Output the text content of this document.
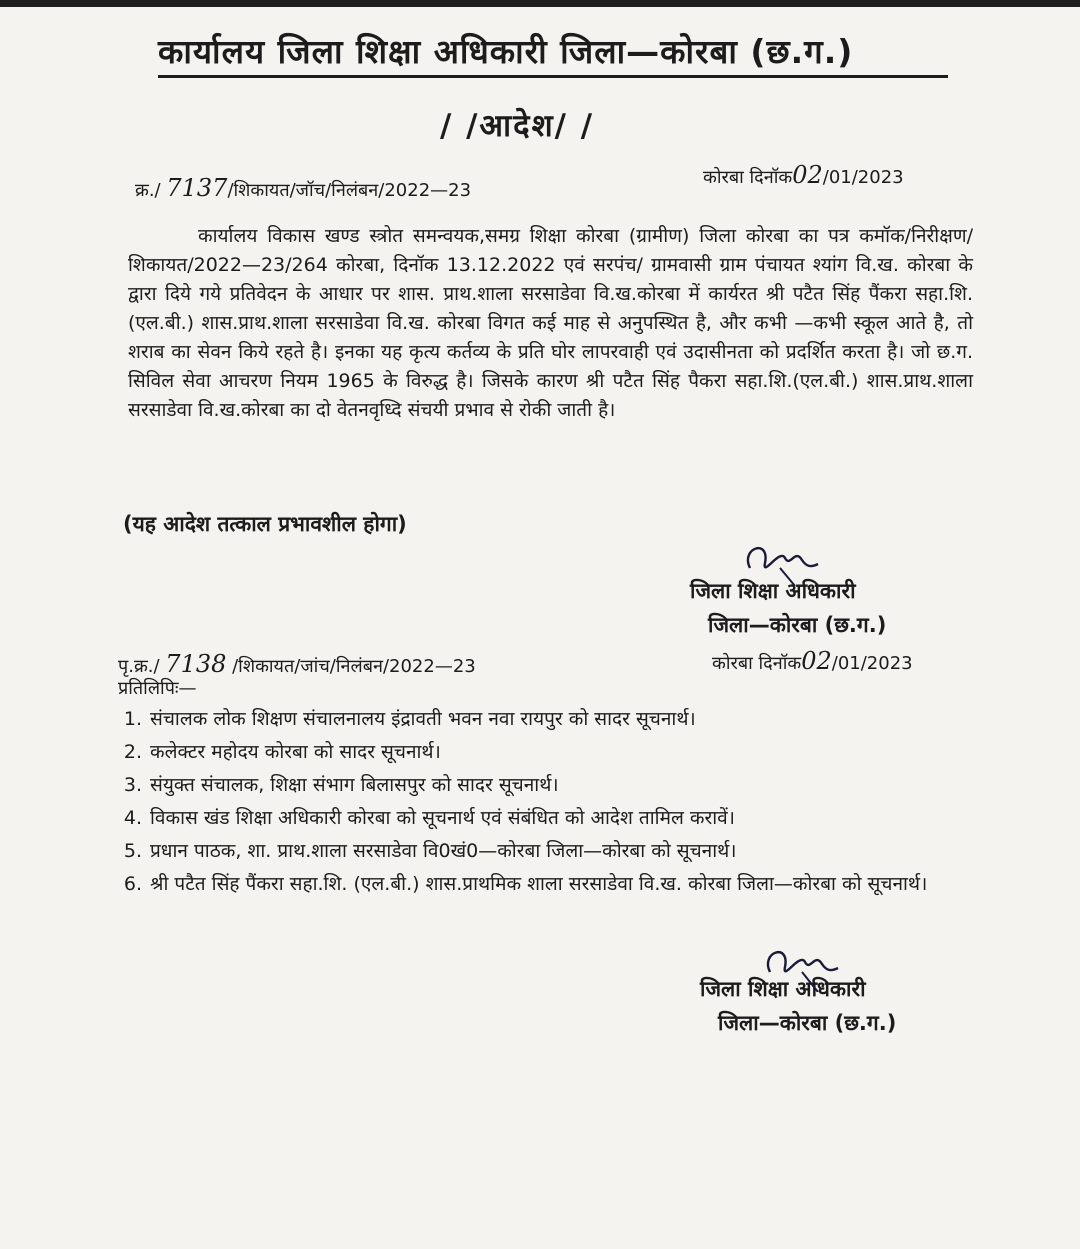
कार्यालय जिला शिक्षा अधिकारी जिला—कोरबा (छ.ग.)
/ /आदेश/ /
क्र./ 7137/शिकायत/जॉच/निलंबन/2022—23
कोरबा दिनॉक02/01/2023
कार्यालय विकास खण्ड स्त्रोत समन्वयक,समग्र शिक्षा कोरबा (ग्रामीण) जिला कोरबा का पत्र कमॉक/निरीक्षण/शिकायत/2022—23/264 कोरबा, दिनॉक 13.12.2022 एवं सरपंच/ ग्रामवासी ग्राम पंचायत श्यांग वि.ख. कोरबा के द्वारा दिये गये प्रतिवेदन के आधार पर शास. प्राथ.शाला सरसाडेवा वि.ख.कोरबा में कार्यरत श्री पटैत सिंह पैंकरा सहा.शि. (एल.बी.) शास.प्राथ.शाला सरसाडेवा वि.ख. कोरबा विगत कई माह से अनुपस्थित है, और कभी —कभी स्कूल आते है, तो शराब का सेवन किये रहते है। इनका यह कृत्य कर्तव्य के प्रति घोर लापरवाही एवं उदासीनता को प्रदर्शित करता है। जो छ.ग. सिविल सेवा आचरण नियम 1965 के विरुद्ध है। जिसके कारण श्री पटैत सिंह पैकरा सहा.शि.(एल.बी.) शास.प्राथ.शाला सरसाडेवा वि.ख.कोरबा का दो वेतनवृध्दि संचयी प्रभाव से रोकी जाती है।
(यह आदेश तत्काल प्रभावशील होगा)
जिला शिक्षा अधिकारी
जिला—कोरबा (छ.ग.)
पृ.क्र./ 7138 /शिकायत/जांच/निलंबन/2022—23	कोरबा दिनॉक02/01/2023
प्रतिलिपिः—
1. संचालक लोक शिक्षण संचालनालय इंद्रावती भवन नवा रायपुर को सादर सूचनार्थ।
2. कलेक्टर महोदय कोरबा को सादर सूचनार्थ।
3. संयुक्त संचालक, शिक्षा संभाग बिलासपुर को सादर सूचनार्थ।
4. विकास खंड शिक्षा अधिकारी कोरबा को सूचनार्थ एवं संबंधित को आदेश तामिल करावें।
5. प्रधान पाठक, शा. प्राथ.शाला सरसाडेवा वि0खं0—कोरबा जिला—कोरबा को सूचनार्थ।
6. श्री पटैत सिंह पैंकरा सहा.शि. (एल.बी.) शास.प्राथमिक शाला सरसाडेवा वि.ख. कोरबा जिला—कोरबा को सूचनार्थ।
जिला शिक्षा अधिकारी
जिला—कोरबा (छ.ग.)
